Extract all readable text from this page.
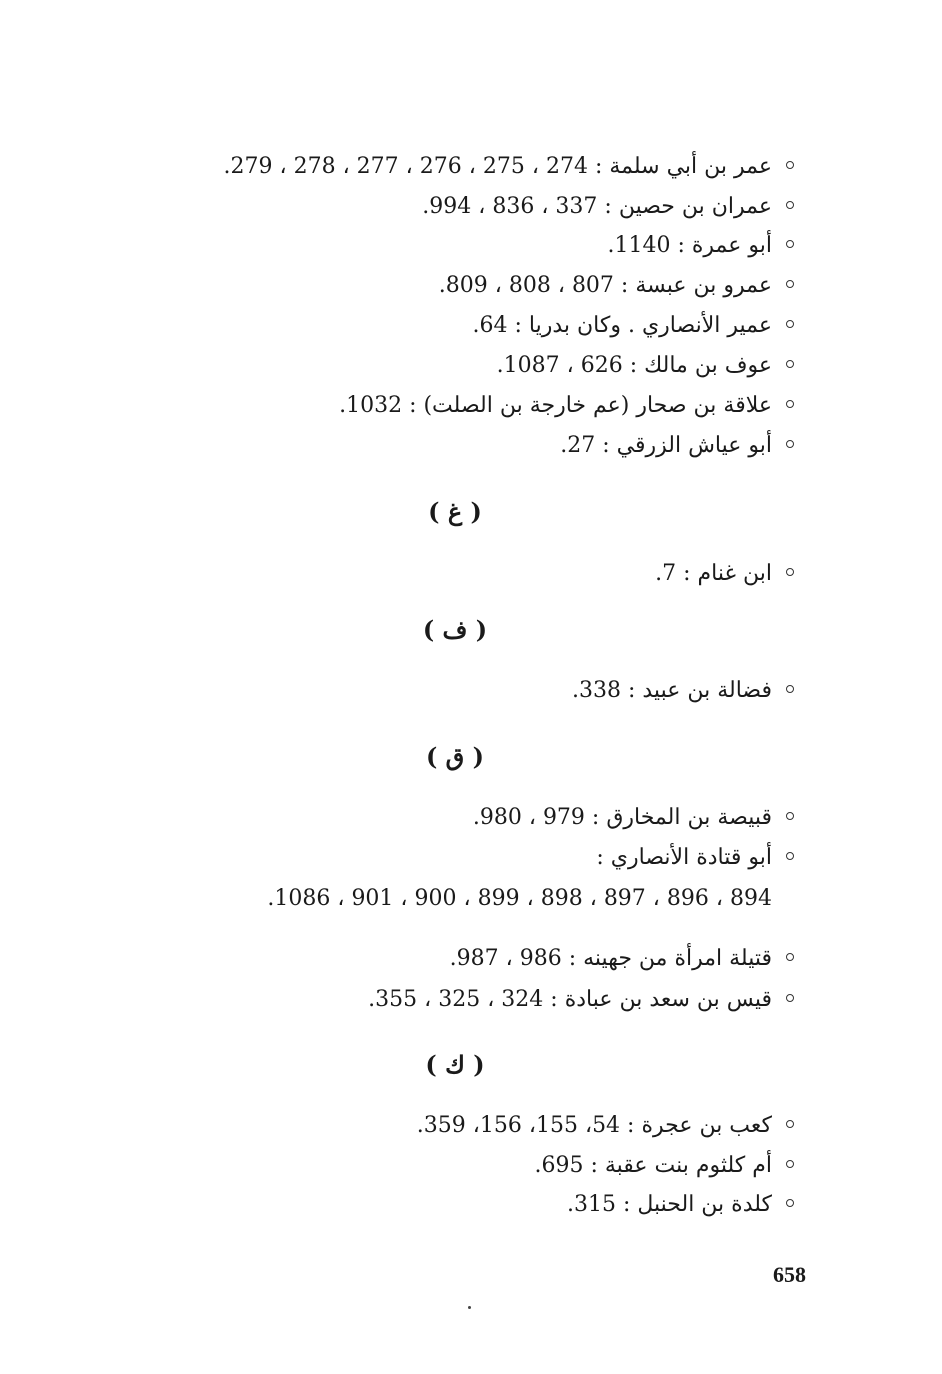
عمر بن أبي سلمة : 274 ، 275 ، 276 ، 277 ، 278 ، 279.
عمران بن حصين : 337 ، 836 ، 994.
أبو عمرة : 1140.
عمرو بن عبسة : 807 ، 808 ، 809.
عمير الأنصاري . وكان بدريا : 64.
عوف بن مالك : 626 ، 1087.
علاقة بن صحار (عم خارجة بن الصلت) : 1032.
أبو عياش الزرقي : 27.
( غ )
ابن غنام : 7.
( ف )
فضالة بن عبيد : 338.
( ق )
قبيصة بن المخارق : 979 ، 980.
أبو قتادة الأنصاري :
894 ، 896 ، 897 ، 898 ، 899 ، 900 ، 901 ، 1086.
قتيلة امرأة من جهينه : 986 ، 987.
قيس بن سعد بن عبادة : 324 ، 325 ، 355.
( ك )
كعب بن عجرة : 54، 155، 156، 359.
أم كلثوم بنت عقبة : 695.
كلدة بن الحنبل : 315.
658
